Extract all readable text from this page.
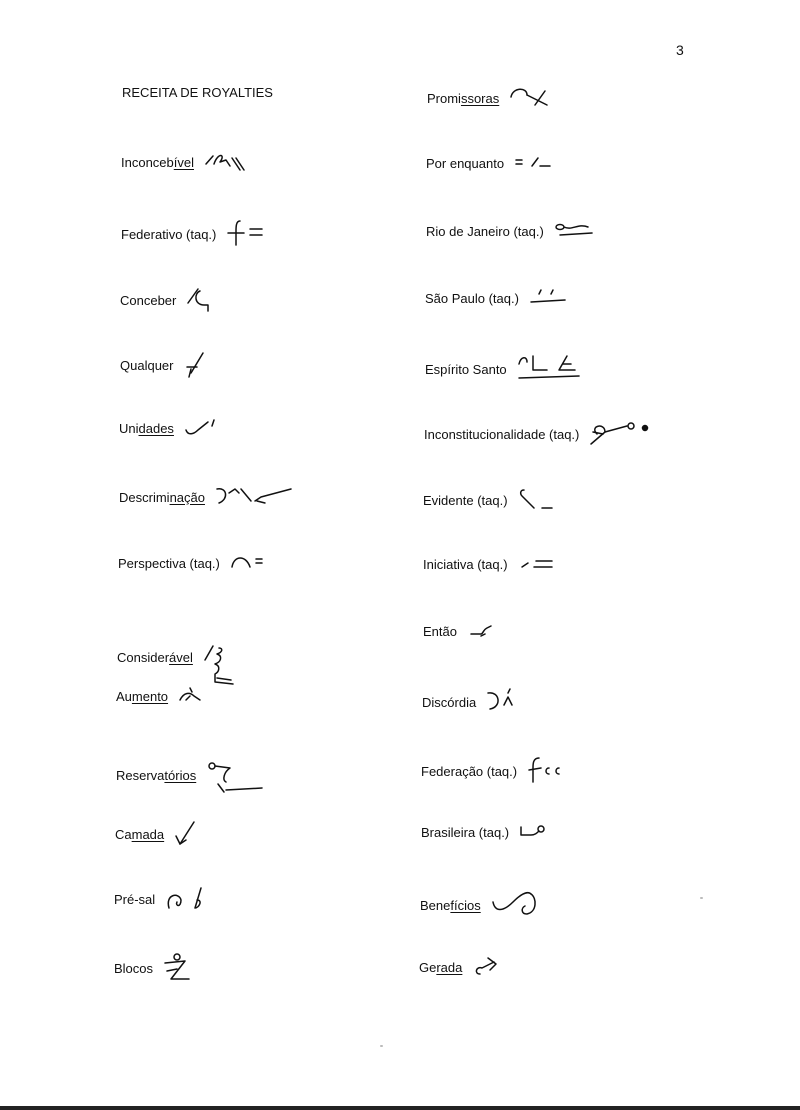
3
RECEITA DE ROYALTIES
Inconcebível
Federativo (taq.)
Conceber
Qualquer
Unidades
Descriminação
Perspectiva (taq.)
Considerável
Aumento
Reservatórios
Camada
Pré-sal
Blocos
Promissoras
Por enquanto
Rio de Janeiro (taq.)
São Paulo (taq.)
Espírito Santo
Inconstitucionalidade (taq.)
Evidente (taq.)
Iniciativa (taq.)
Então
Discórdia
Federação (taq.)
Brasileira (taq.)
Benefícios
Gerada
